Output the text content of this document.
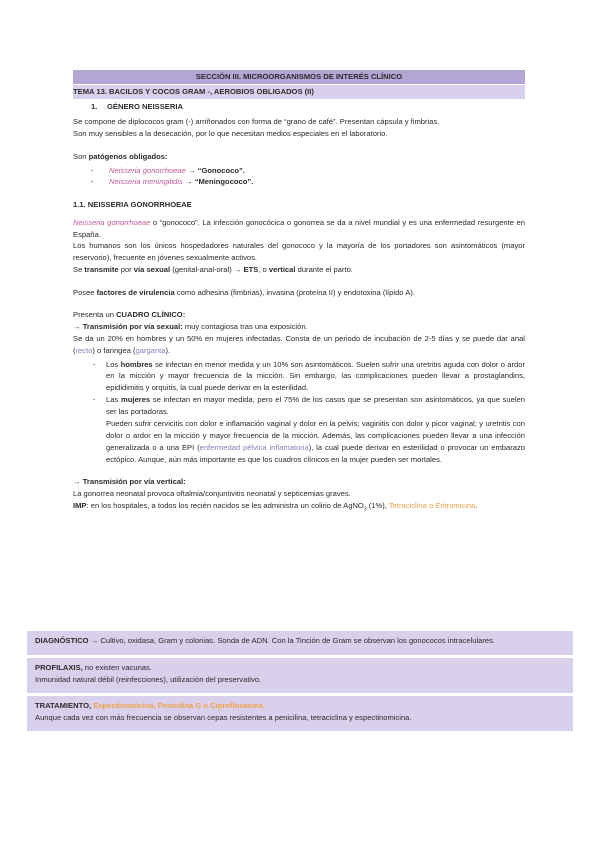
SECCIÓN III. MICROORGANISMOS DE INTERÉS CLÍNICO
TEMA 13. BACILOS Y COCOS GRAM -, AEROBIOS OBLIGADOS (II)
1. GÉNERO NEISSERIA

Se compone de diplococos gram (-) arriñonados con forma de “grano de café”. Presentan cápsula y fimbrias.

Son muy sensibles a la desecación, por lo que necesitan medios especiales en el laboratorio.

Son patógenos obligados:

- Neisseria gonorrhoeae → “Gonococo”.
- Neisseria meningitidis → “Meningococo”.

1.1. NEISSERIA GONORRHOEAE

Neisseria gonorrhoeae o “gonococo”. La infección gonocócica o gonorrea se da a nivel mundial y es una enfermedad resurgente en España.

Los humanos son los únicos hospedadores naturales del gonococo y la mayoría de los portadores son asintomáticos (mayor reservorio), frecuente en jóvenes sexualmente activos.

Se transmite por vía sexual (genital-anal-oral) → ETS, o vertical durante el parto.

Posee factores de virulencia como adhesina (fimbrias), invasina (proteína II) y endotoxina (lípido A).

Presenta un CUADRO CLÍNICO:

→ Transmisión por vía sexual: muy contagiosa tras una exposición.

Se da un 20% en hombres y un 50% en mujeres infectadas. Consta de un periodo de incubación de 2-5 días y se puede dar anal (recto) o faringea (garganta).

- Los hombres se infectan en menor medida y un 10% son asintomáticos. Suelen sufrir una uretritis aguda con dolor o ardor en la micción y mayor frecuencia de la micción. Sin embargo, las complicaciones pueden llevar a prostaglandins, epididimitis y orquitis, la cual puede derivar en la esterilidad.
- Las mujeres se infectan en mayor medida, pero el 75% de los casos que se presentan son asintomáticos, ya que suelen ser las portadoras.

Pueden sufrir cervicitis con dolor e inflamación vaginal y dolor en la pelvis; vaginitis con dolor y picor vaginal; y uretritis con dolor o ardor en la micción y mayor frecuencia de la micción. Además, las complicaciones pueden llevar a una infección generalizada o a una EPI (enfermedad pélvica inflamatoria), la cual puede derivar en esterilidad o provocar un embarazo ectópico. Aunque, aún más importante es que los cuadros clínicos en la mujer pueden ser mortales.

→ Transmisión por vía vertical:

La gonorrea neonatal provoca oftalmia/conjuntivitis neonatal y septicemias graves.

IMP: en los hospitales, a todos los recién nacidos se les administra un colirio de AgNO$_3$ (1%), Tetraciclina o Eritromicina.

DIAGNÓSTICO → Cultivo, oxidasa, Gram y colonias. Sonda de ADN. Con la Tinción de Gram se observan los gonococos intracelulares.

PROFILAXIS, no existen vacunas.

Inmunidad natural débil (reinfecciones), utilización del preservativo.

TRATAMIENTO, Espectinomicina, Penicilina G o Ciprofloxacina.

Aunque cada vez con más frecuencia se observan cepas resistentes a penicilina, tetraciclina y espectinomicina.
